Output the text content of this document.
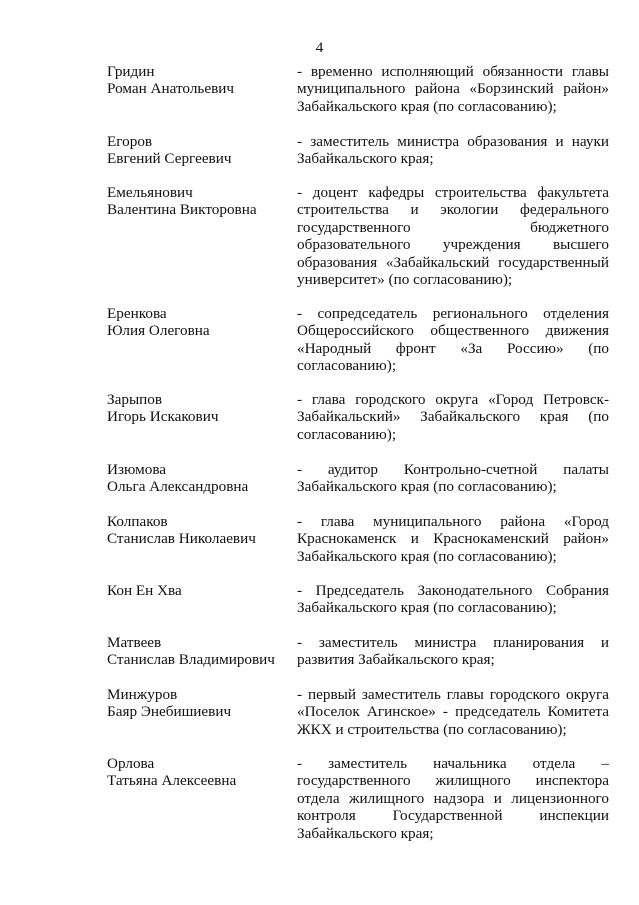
4
Гридин
Роман Анатольевич
- временно исполняющий обязанности главы муниципального района «Борзинский район» Забайкальского края (по согласованию);
Егоров
Евгений Сергеевич
- заместитель министра образования и науки Забайкальского края;
Емельянович
Валентина Викторовна
- доцент кафедры строительства факультета строительства и экологии федерального государственного бюджетного образовательного учреждения высшего образования «Забайкальский государственный университет» (по согласованию);
Еренкова
Юлия Олеговна
- сопредседатель регионального отделения Общероссийского общественного движения «Народный фронт «За Россию» (по согласованию);
Зарыпов
Игорь Искакович
- глава городского округа «Город Петровск-Забайкальский» Забайкальского края (по согласованию);
Изюмова
Ольга Александровна
- аудитор Контрольно-счетной палаты Забайкальского края (по согласованию);
Колпаков
Станислав Николаевич
- глава муниципального района «Город Краснокаменск и Краснокаменский район» Забайкальского края (по согласованию);
Кон Ен Хва	- Председатель Законодательного Собрания Забайкальского края (по согласованию);
Матвеев
Станислав Владимирович
- заместитель министра планирования и развития Забайкальского края;
Минжуров
Баяр Энебишиевич
- первый заместитель главы городского округа «Поселок Агинское» - председатель Комитета ЖКХ и строительства (по согласованию);
Орлова
Татьяна Алексеевна
- заместитель начальника отдела – государственного жилищного инспектора отдела жилищного надзора и лицензионного контроля Государственной инспекции Забайкальского края;
